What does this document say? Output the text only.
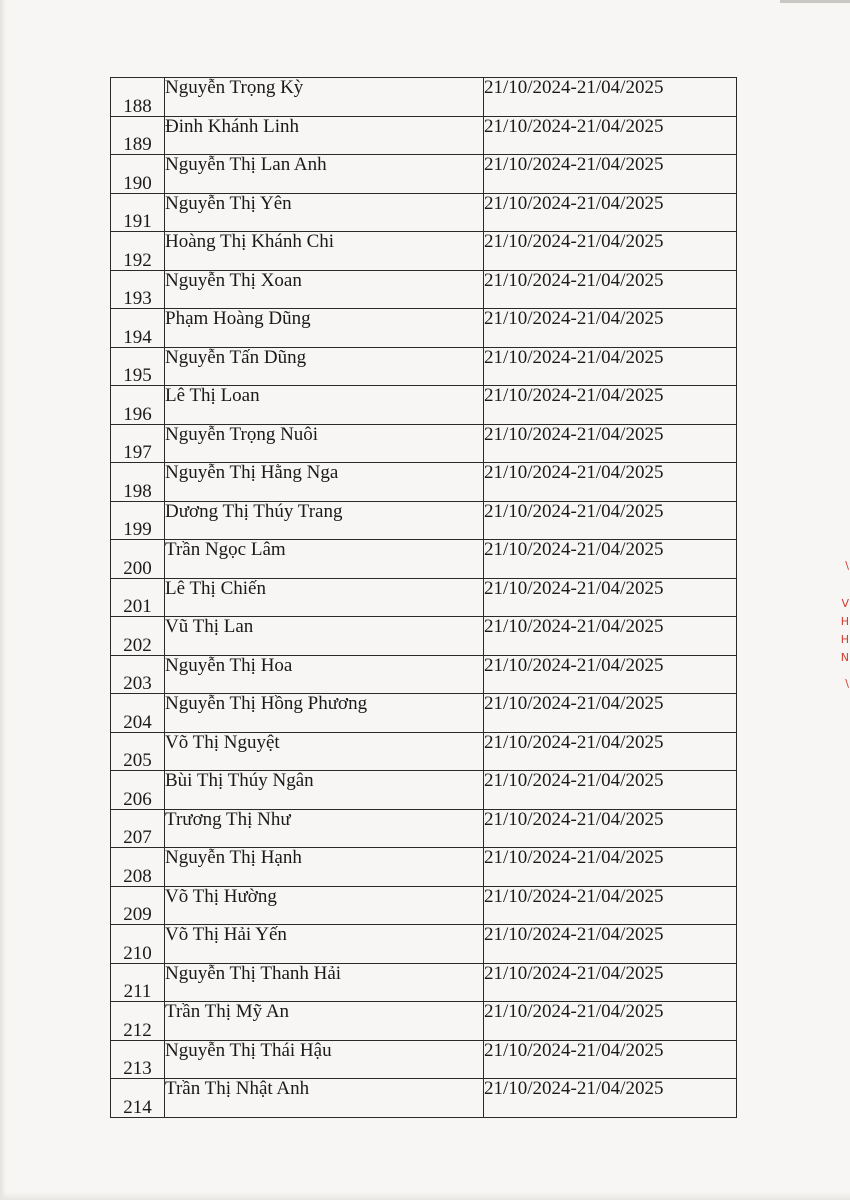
188	Nguyễn Trọng Kỳ	21/10/2024-21/04/2025
189	Đinh Khánh Linh	21/10/2024-21/04/2025
190	Nguyễn Thị Lan Anh	21/10/2024-21/04/2025
191	Nguyễn Thị Yên	21/10/2024-21/04/2025
192	Hoàng Thị Khánh Chi	21/10/2024-21/04/2025
193	Nguyễn Thị Xoan	21/10/2024-21/04/2025
194	Phạm Hoàng Dũng	21/10/2024-21/04/2025
195	Nguyễn Tấn Dũng	21/10/2024-21/04/2025
196	Lê Thị Loan	21/10/2024-21/04/2025
197	Nguyễn Trọng Nuôi	21/10/2024-21/04/2025
198	Nguyễn Thị Hằng Nga	21/10/2024-21/04/2025
199	Dương Thị Thúy Trang	21/10/2024-21/04/2025
200	Trần Ngọc Lâm	21/10/2024-21/04/2025
201	Lê Thị Chiến	21/10/2024-21/04/2025
202	Vũ Thị Lan	21/10/2024-21/04/2025
203	Nguyễn Thị Hoa	21/10/2024-21/04/2025
204	Nguyễn Thị Hồng Phương	21/10/2024-21/04/2025
205	Võ Thị Nguyệt	21/10/2024-21/04/2025
206	Bùi Thị Thúy Ngân	21/10/2024-21/04/2025
207	Trương Thị Như	21/10/2024-21/04/2025
208	Nguyễn Thị Hạnh	21/10/2024-21/04/2025
209	Võ Thị Hường	21/10/2024-21/04/2025
210	Võ Thị Hải Yến	21/10/2024-21/04/2025
211	Nguyễn Thị Thanh Hải	21/10/2024-21/04/2025
212	Trần Thị Mỹ An	21/10/2024-21/04/2025
213	Nguyễn Thị Thái Hậu	21/10/2024-21/04/2025
214	Trần Thị Nhật Anh	21/10/2024-21/04/2025
\
V
H
H
N
\
